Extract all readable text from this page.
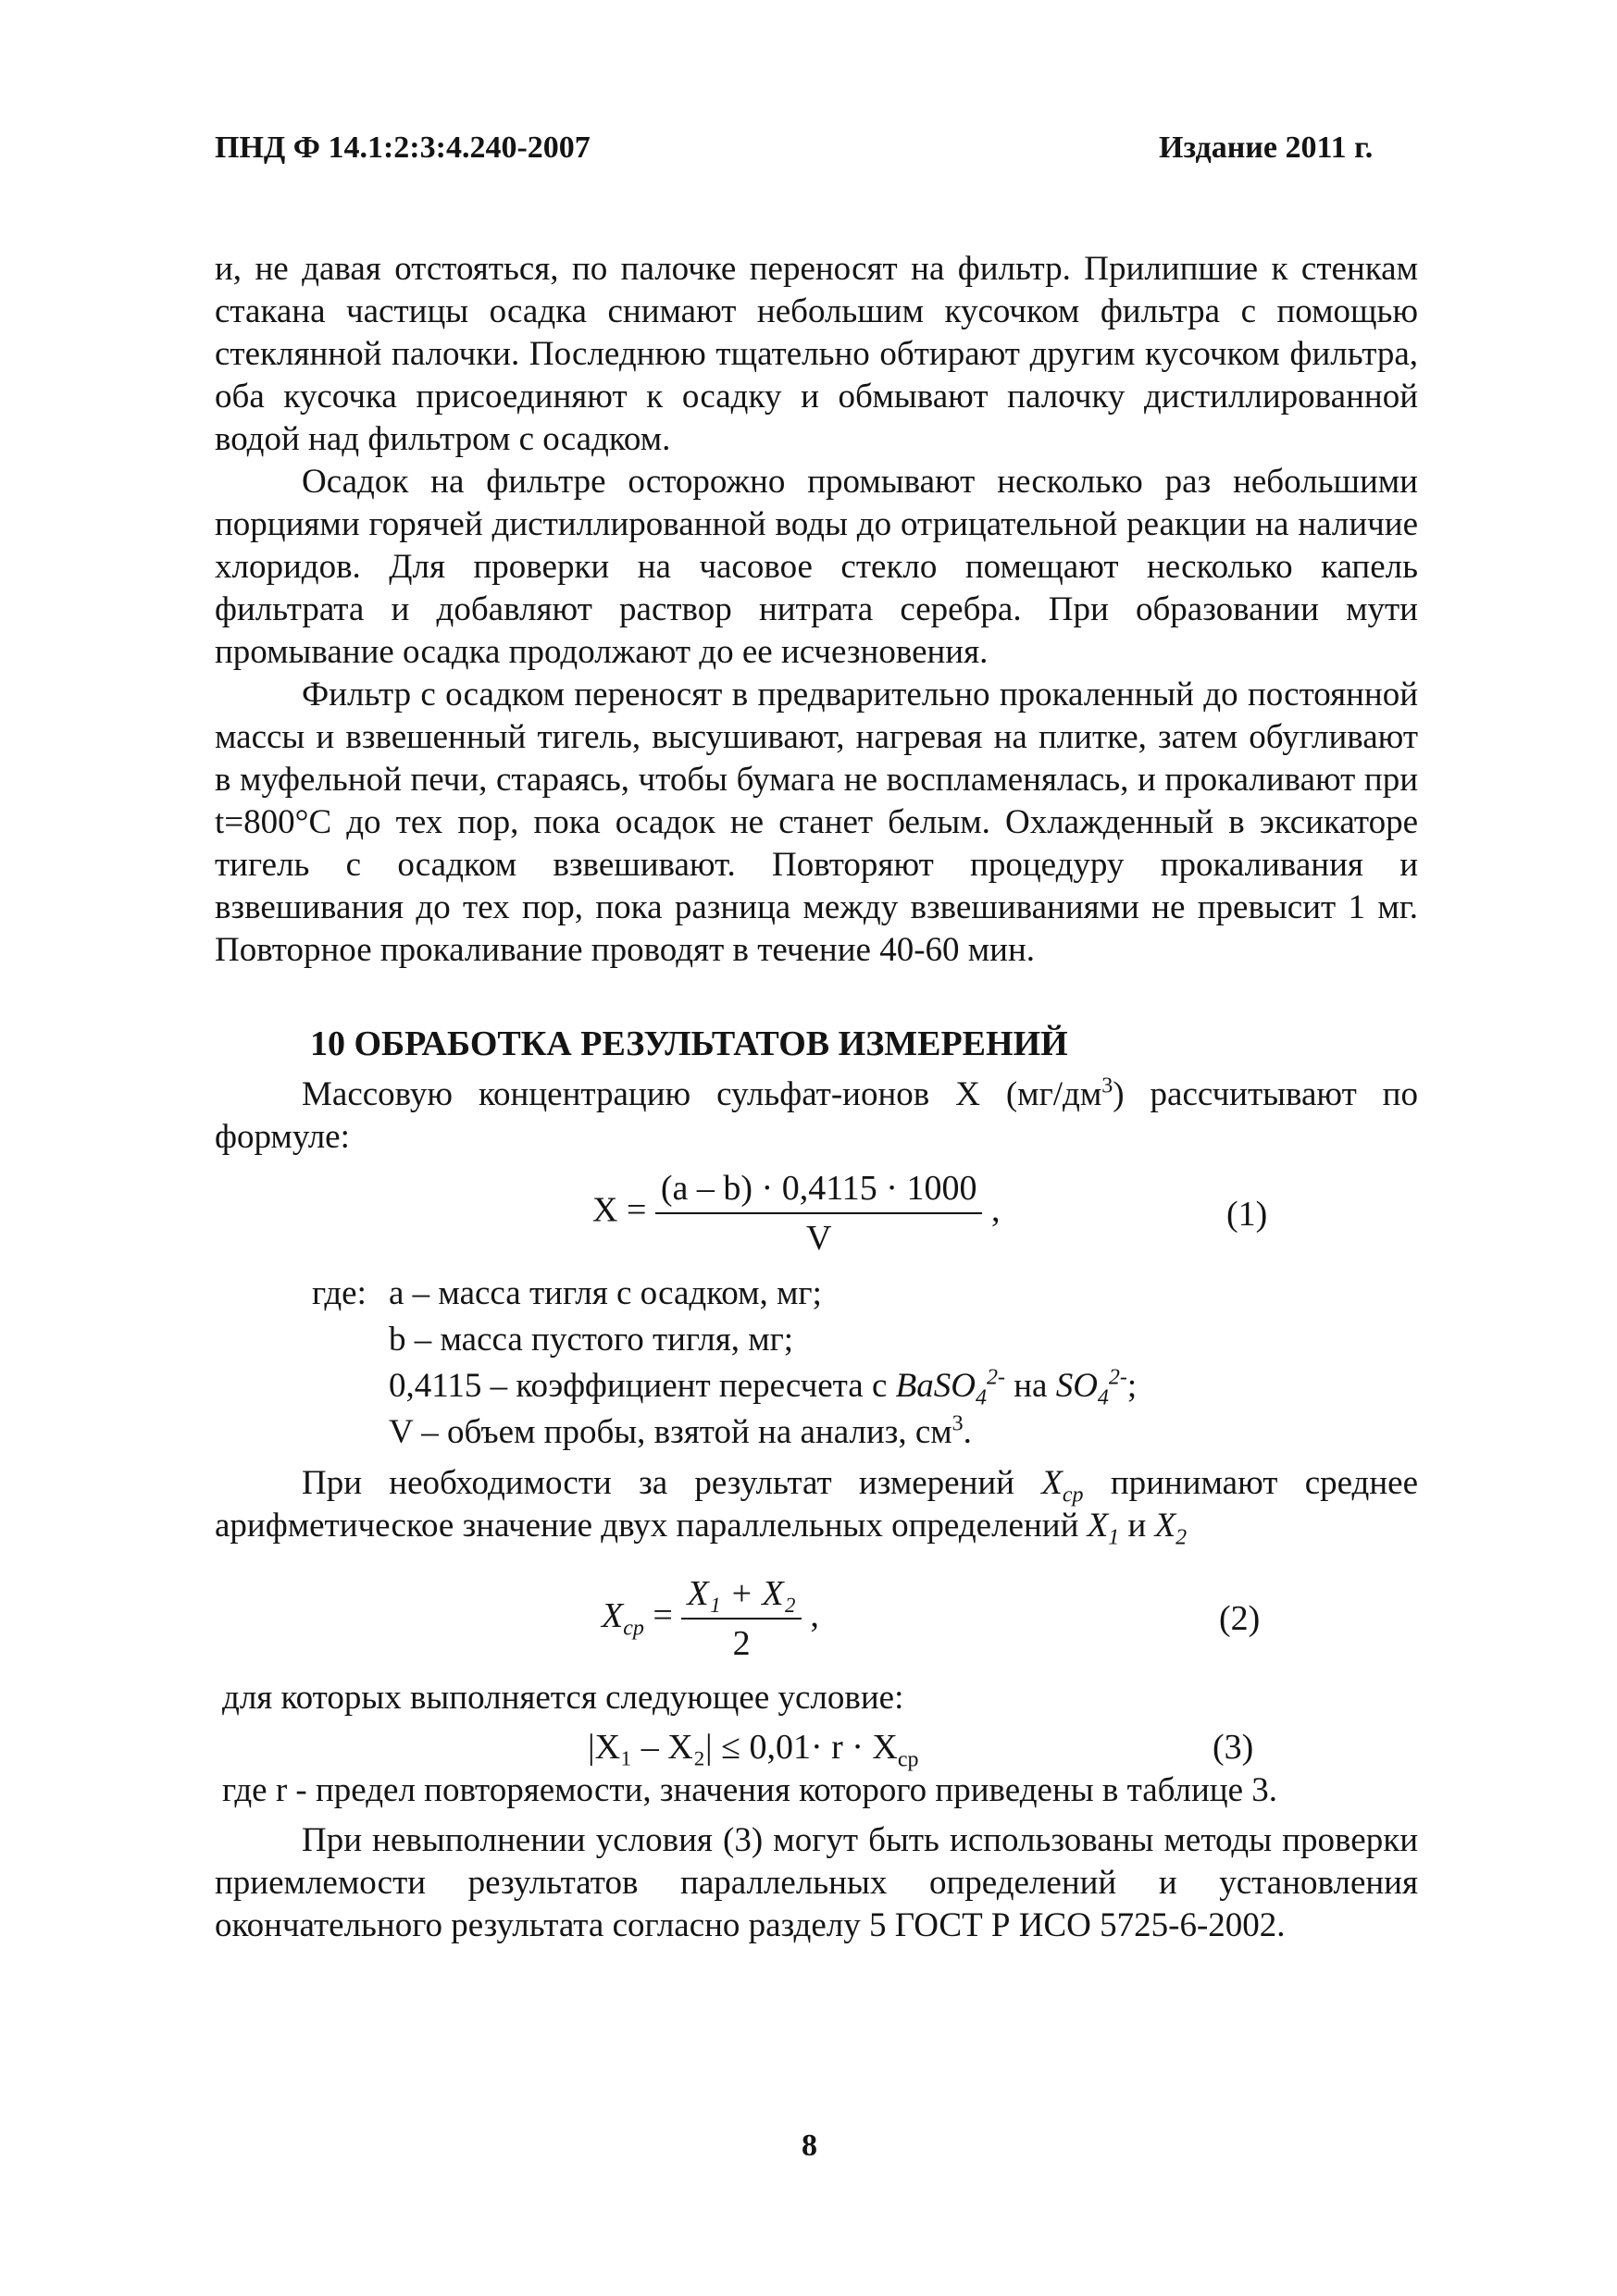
ПНД Ф 14.1:2:3:4.240-2007	Издание 2011 г.

и, не давая отстояться, по палочке переносят на фильтр. Прилипшие к стенкам стакана частицы осадка снимают небольшим кусочком фильтра с помощью стеклянной палочки. Последнюю тщательно обтирают другим кусочком фильтра, оба кусочка присоединяют к осадку и обмывают палочку дистиллированной водой над фильтром с осадком.

Осадок на фильтре осторожно промывают несколько раз небольшими порциями горячей дистиллированной воды до отрицательной реакции на наличие хлоридов. Для проверки на часовое стекло помещают несколько капель фильтрата и добавляют раствор нитрата серебра. При образовании мути промывание осадка продолжают до ее исчезновения.

Фильтр с осадком переносят в предварительно прокаленный до постоянной массы и взвешенный тигель, высушивают, нагревая на плитке, затем обугливают в муфельной печи, стараясь, чтобы бумага не воспламенялась, и прокаливают при t=800°С до тех пор, пока осадок не станет белым. Охлажденный в эксикаторе тигель с осадком взвешивают. Повторяют процедуру прокаливания и взвешивания до тех пор, пока разница между взвешиваниями не превысит 1 мг. Повторное прокаливание проводят в течение 40-60 мин.

10 ОБРАБОТКА РЕЗУЛЬТАТОВ ИЗМЕРЕНИЙ

Массовую концентрацию сульфат-ионов X $(мг/дм^3)$ рассчитывают по формуле:

$X = \frac{(a - b) \cdot 0,4115 \cdot 1000}{V}$ ,	(1)
где: a – масса тигля с осадком, мг;
b – масса пустого тигля, мг;
0,4115 – коэффициент пересчета с BaSO$_4^{2-}$ на $SO_4^{2-}$;
V – объем пробы, взятой на анализ, $см^3$.

При необходимости за результат измерений $X_{cp}$ принимают среднее арифметическое значение двух параллельных определений $X_1$ и $X_2$

$X_{cp} = \frac{\text{X₁ + X₂}}{2}$ ,	(2)
для которых выполняется следующее условие:
$|X_1 - X_2| \le 0,01\cdot r \cdot X_{cp}$	(3)
где r - предел повторяемости, значения которого приведены в таблице 3.

При невыполнении условия (3) могут быть использованы методы проверки приемлемости результатов параллельных определений и установления окончательного результата согласно разделу 5 ГОСТ Р ИСО 5725-6-2002.

8
